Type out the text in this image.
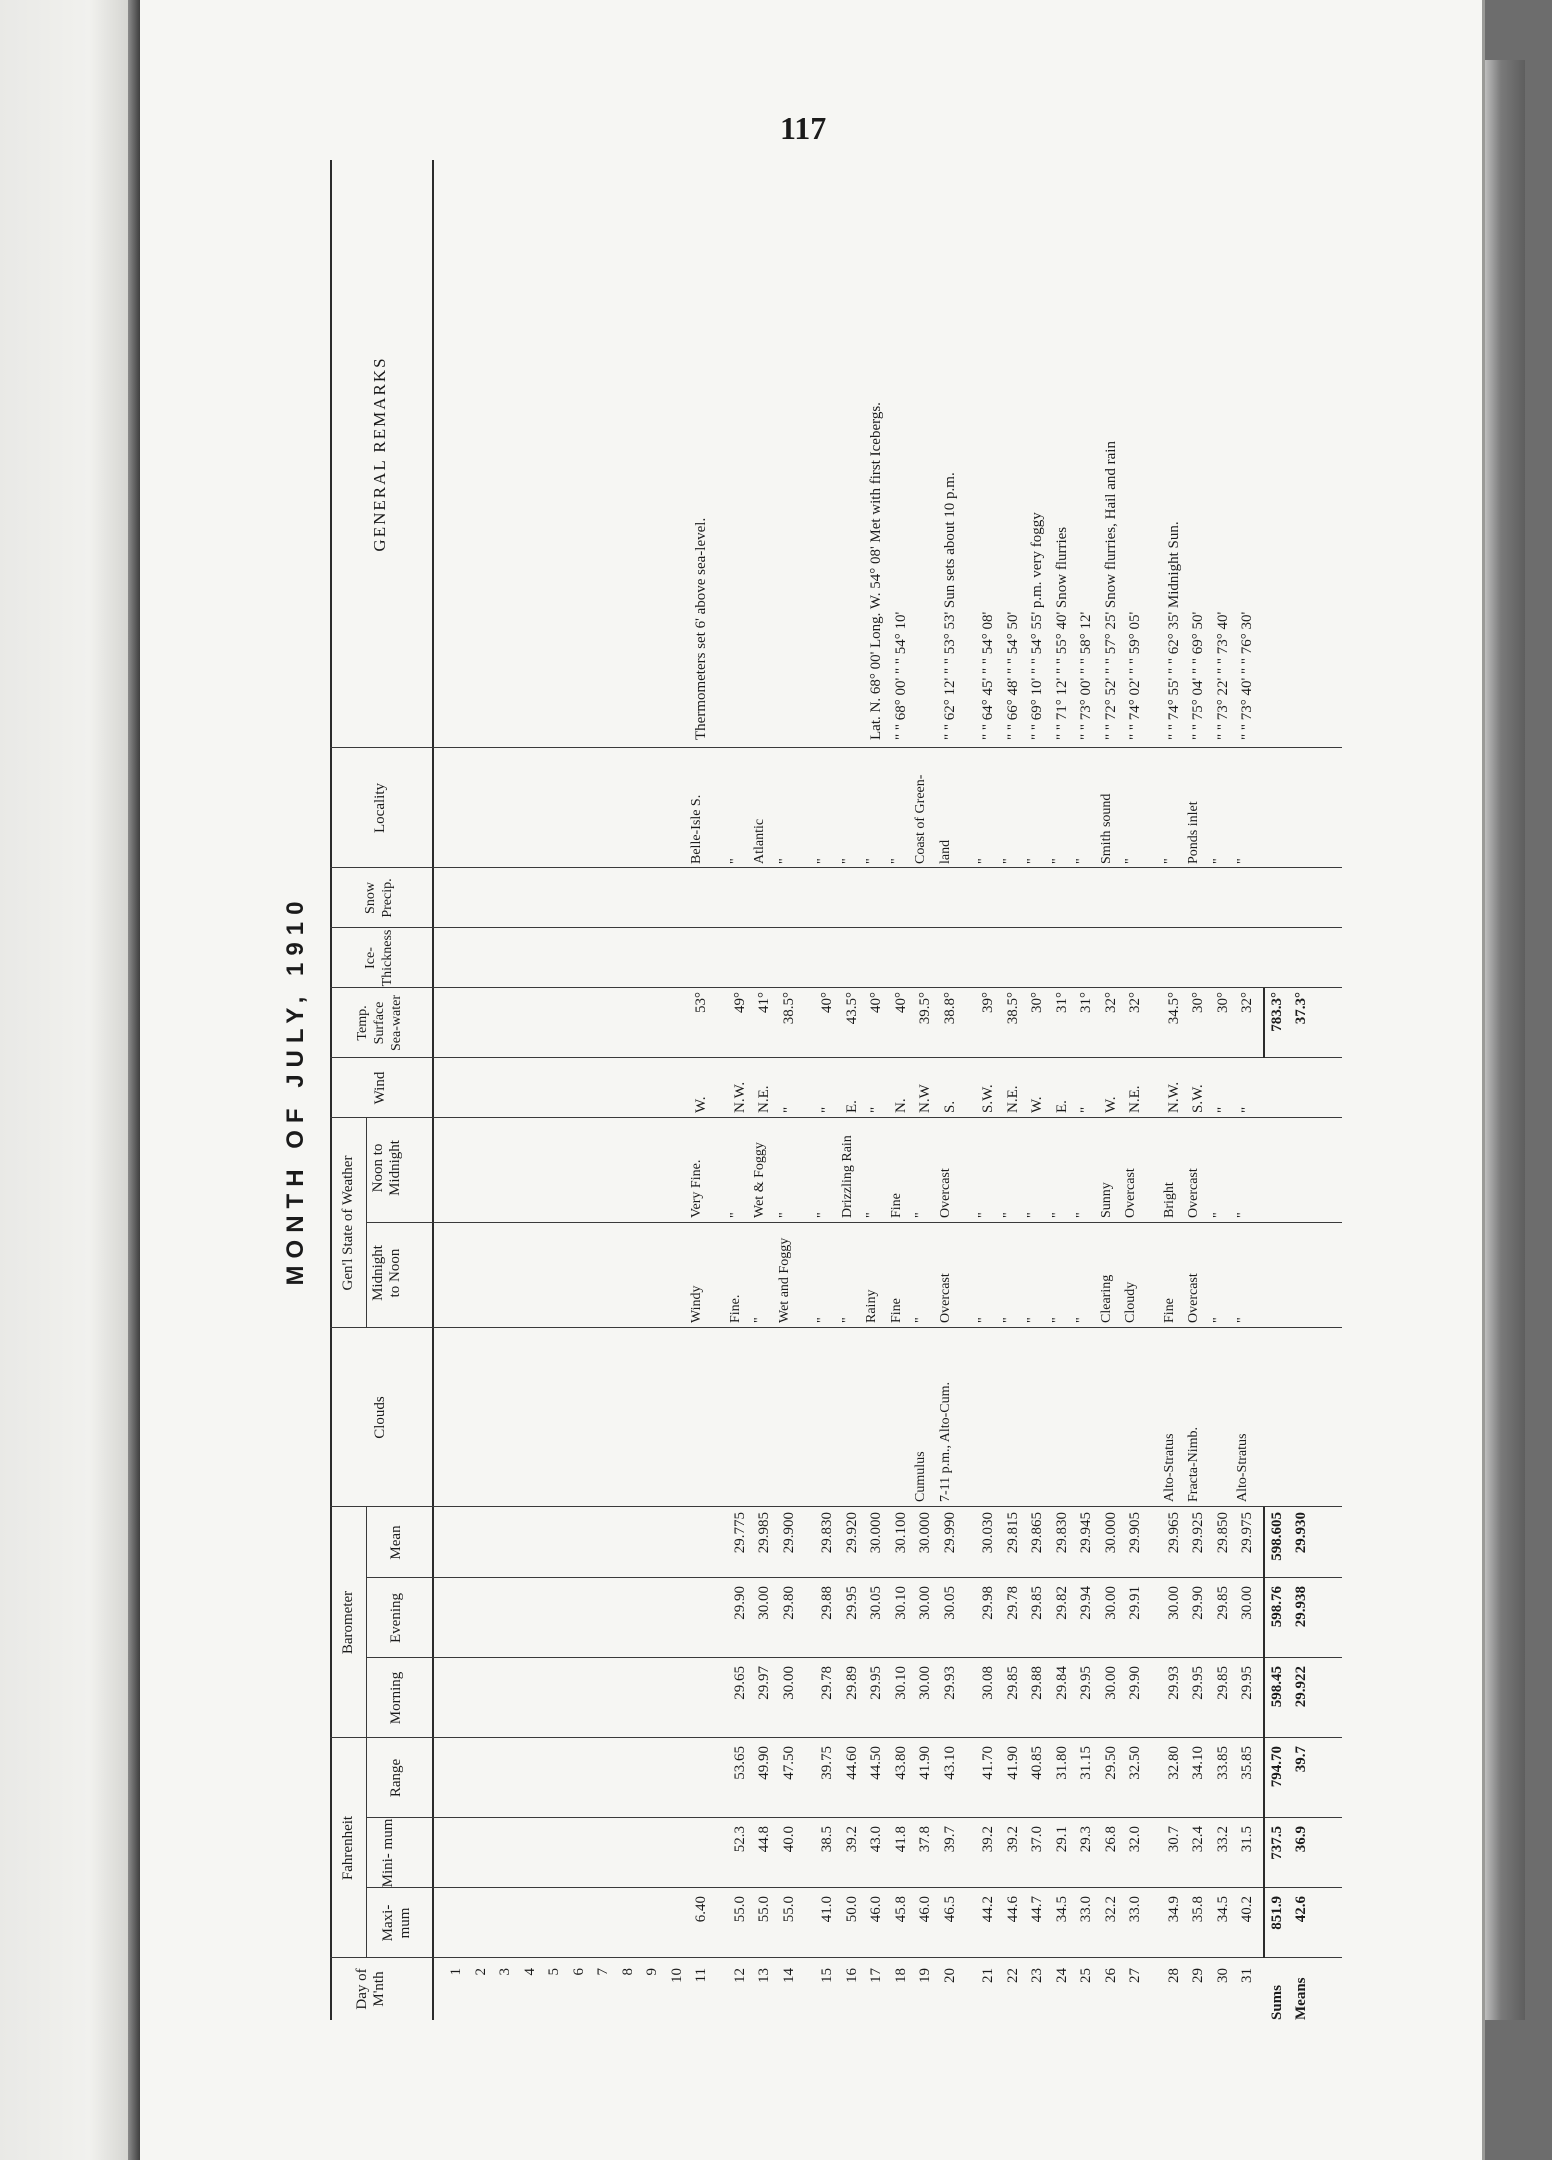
117
MONTH OF JULY, 1910
Day of M'nth
Fahrenheit
Maxi- mum
Mini- mum
Range
Barometer
Morning
Evening
Mean
Clouds
Gen'l State of Weather Midnight to Noon
Noon to Midnight
Wind
Temp. Surface Sea-water
Ice- Thickness
Snow Precip.
Locality
GENERAL REMARKS
1 2 3 4 5 6 7 8 9 10 11
6.40
Windy
Very Fine.
W.
53°
Belle-Isle S.
Thermometers set 6' above sea-level.
12
55.0
52.3
53.65
29.65
29.90
29.775
Fine.
"
N.W.
49°
"
13
55.0
44.8
49.90
29.97
30.00
29.985
"
Wet & Foggy
N.E.
41°
Atlantic
14
55.0
40.0
47.50
30.00
29.80
29.900
Wet and Foggy
"
"
38.5°
"
15
41.0
38.5
39.75
29.78
29.88
29.830
"
"
"
40°
"
16
50.0
39.2
44.60
29.89
29.95
29.920
"
Drizzling Rain
E.
43.5°
"
17
46.0
43.0
44.50
29.95
30.05
30.000
Rainy
"
"
40°
"
Lat. N. 68° 00' Long. W. 54° 08' Met with first Icebergs.
18
45.8
41.8
43.80
30.10
30.10
30.100
Fine
Fine
N.
40°
"
" " 68° 00' " " 54° 10'
19
46.0
37.8
41.90
30.00
30.00
30.000
Cumulus
"
"
N.W
39.5°
Coast of Green-
20
46.5
39.7
43.10
29.93
30.05
29.990
7-11 p.m., Alto-Cum.
Overcast
Overcast
S.
38.8°
land
" " 62° 12' " " 53° 53' Sun sets about 10 p.m.
21
44.2
39.2
41.70
30.08
29.98
30.030
"
"
S.W.
39°
"
" " 64° 45' " " 54° 08'
22
44.6
39.2
41.90
29.85
29.78
29.815
"
"
N.E.
38.5°
"
" " 66° 48' " " 54° 50'
23
44.7
37.0
40.85
29.88
29.85
29.865
"
"
W.
30°
"
" " 69° 10' " " 54° 55' p.m. very foggy
24
34.5
29.1
31.80
29.84
29.82
29.830
"
"
E.
31°
"
" " 71° 12' " " 55° 40' Snow flurries
25
33.0
29.3
31.15
29.95
29.94
29.945
"
"
"
31°
"
" " 73° 00' " " 58° 12'
26
32.2
26.8
29.50
30.00
30.00
30.000
Clearing
Sunny
W.
32°
Smith sound
" " 72° 52' " " 57° 25' Snow flurries, Hail and rain
27
33.0
32.0
32.50
29.90
29.91
29.905
Cloudy
Overcast
N.E.
32°
"
" " 74° 02' " " 59° 05'
28
34.9
30.7
32.80
29.93
30.00
29.965
Alto-Stratus
Fine
Bright
N.W.
34.5°
"
" " 74° 55' " " 62° 35' Midnight Sun.
29
35.8
32.4
34.10
29.95
29.90
29.925
Fracta-Nimb.
Overcast
Overcast
S.W.
30°
Ponds inlet
" " 75° 04' " " 69° 50'
30
34.5
33.2
33.85
29.85
29.85
29.850
"
"
"
30°
"
" " 73° 22' " " 73° 40'
31
40.2
31.5
35.85
29.95
30.00
29.975
Alto-Stratus
"
"
"
32°
"
" " 73° 40' " " 76° 30'
Sums
851.9
737.5
794.70
598.45
598.76
598.605
783.3°
Means
42.6
36.9
39.7
29.922
29.938
29.930
37.3°
